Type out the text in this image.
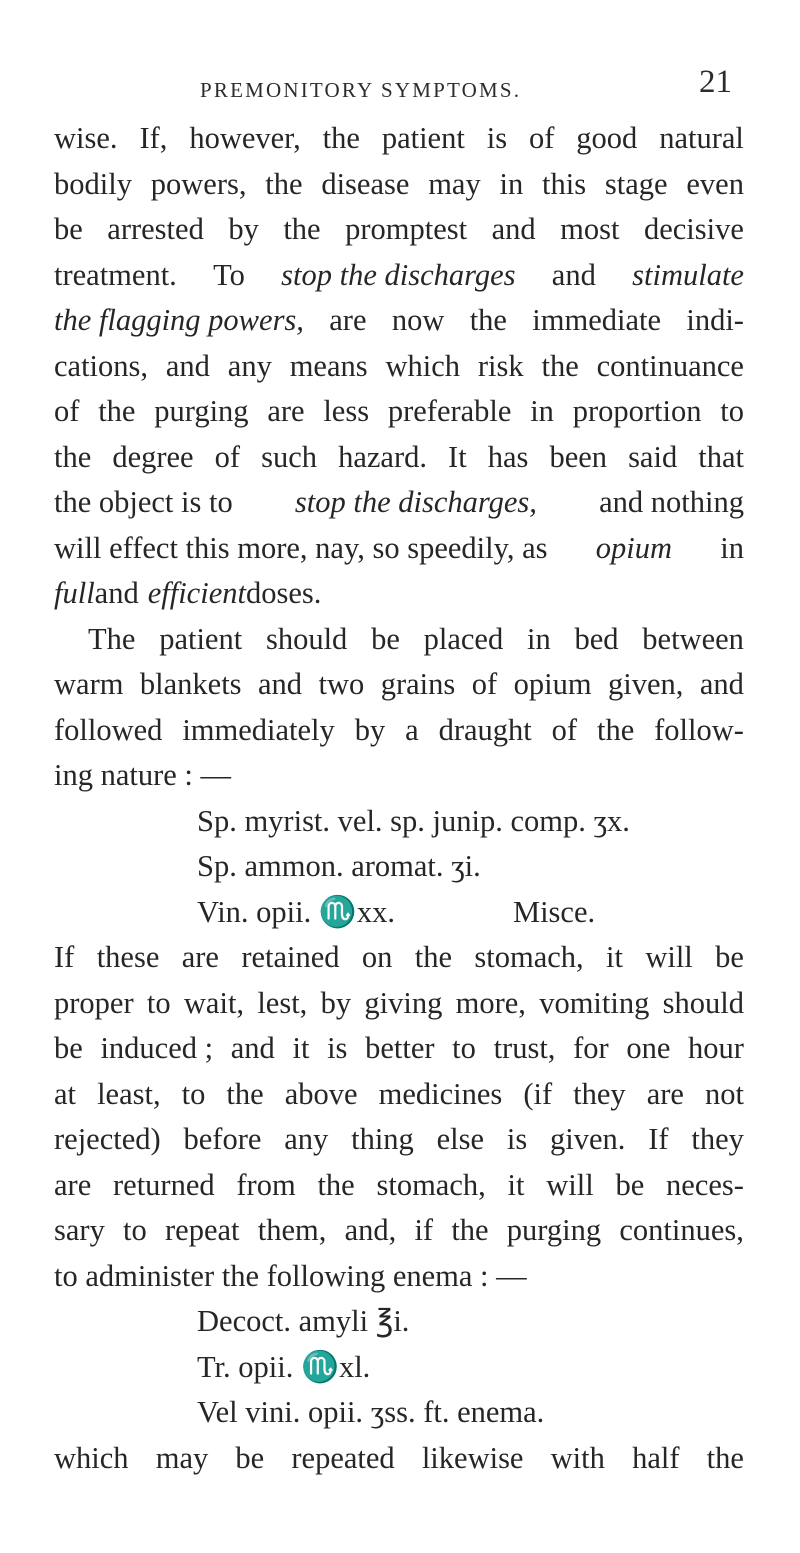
PREMONITORY SYMPTOMS.	21
wise. If, however, the patient is of good natural
bodily powers, the disease may in this stage even
be arrested by the promptest and most decisive
treatment. To stop the discharges and stimulate
the flagging powers, are now the immediate indi-
cations, and any means which risk the continuance
of the purging are less preferable in proportion to
the degree of such hazard. It has been said that
the object is to stop the discharges, and nothing
will effect this more, nay, so speedily, as opium in
full and efficient doses.
The patient should be placed in bed between
warm blankets and two grains of opium given, and
followed immediately by a draught of the follow-
ing nature : —
Sp. myrist. vel. sp. junip. comp. ʒx.
Sp. ammon. aromat. ʒi.
Vin. opii. ♏xx.	Misce.
If these are retained on the stomach, it will be
proper to wait, lest, by giving more, vomiting should
be induced ; and it is better to trust, for one hour
at least, to the above medicines (if they are not
rejected) before any thing else is given. If they
are returned from the stomach, it will be neces-
sary to repeat them, and, if the purging continues,
to administer the following enema : —
Decoct. amyli ℥i.
Tr. opii. ♏xl.
Vel vini. opii. ʒss. ft. enema.
which may be repeated likewise with half the
